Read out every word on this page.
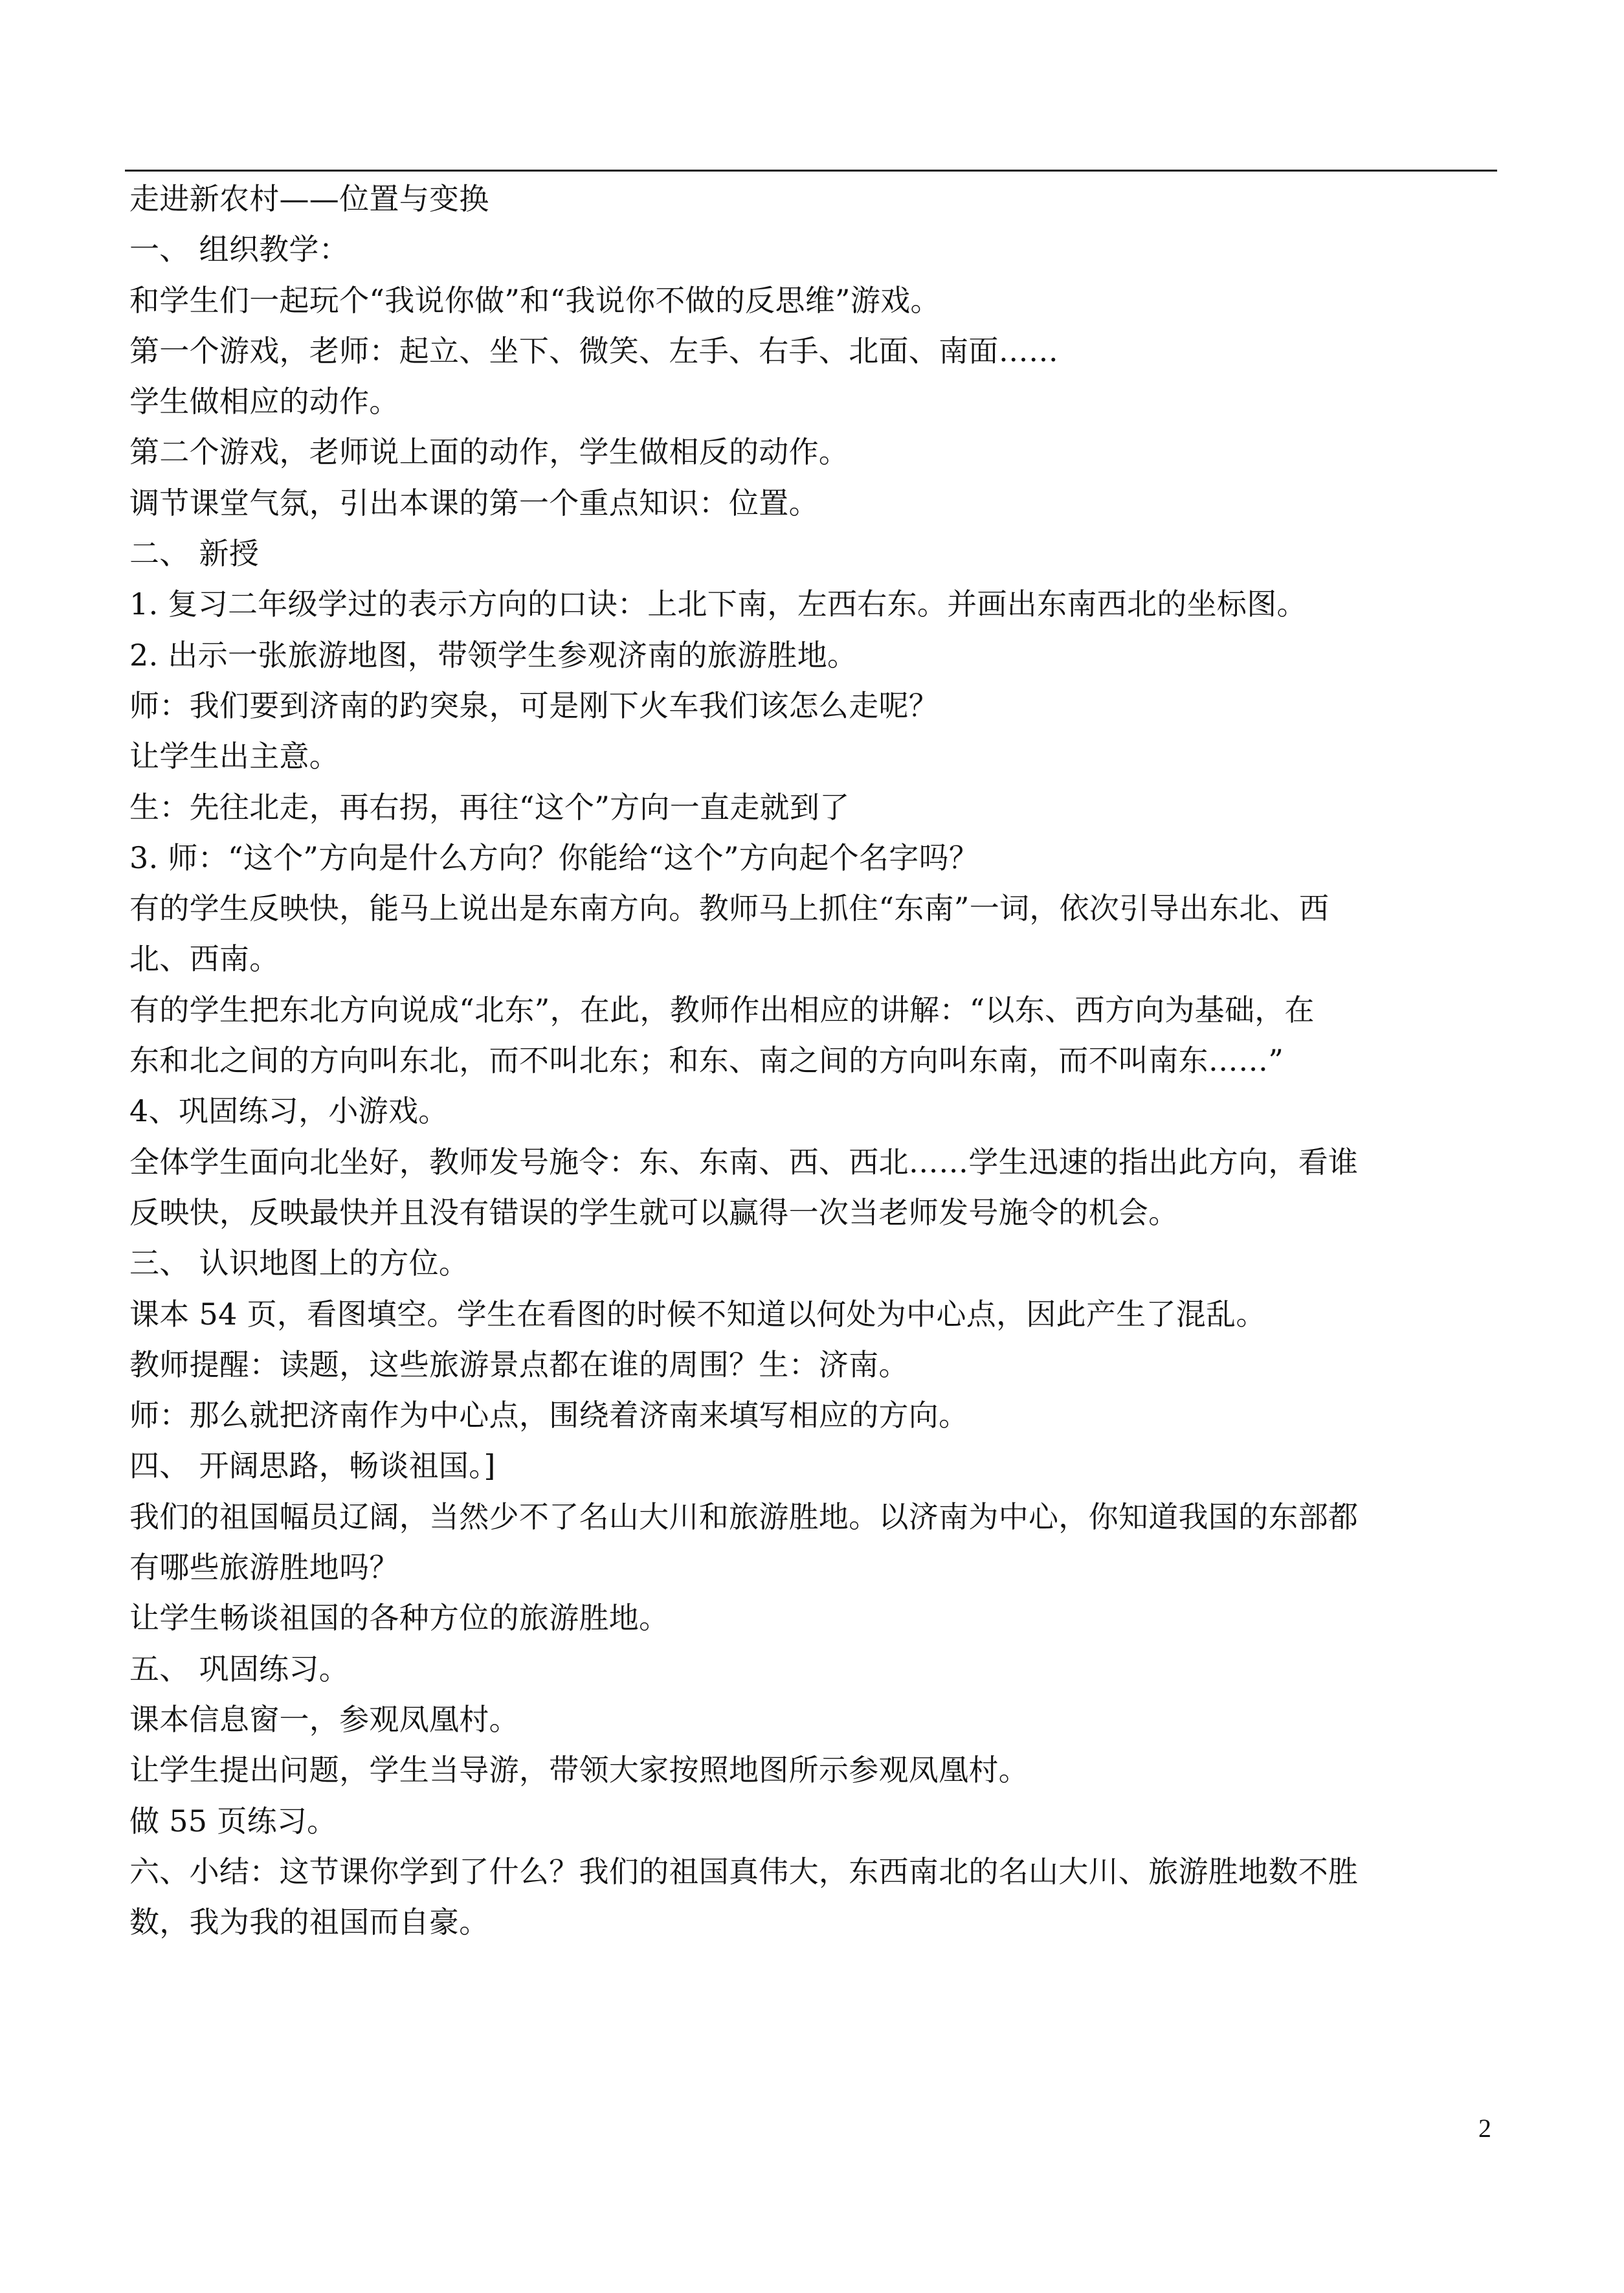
走进新农村——位置与变换

一、 组织教学：

和学生们一起玩个“我说你做”和“我说你不做的反思维”游戏。

第一个游戏，老师：起立、坐下、微笑、左手、右手、北面、南面……

学生做相应的动作。

第二个游戏，老师说上面的动作，学生做相反的动作。

调节课堂气氛，引出本课的第一个重点知识：位置。

二、 新授

1. 复习二年级学过的表示方向的口诀：上北下南，左西右东。并画出东南西北的坐标图。

2. 出示一张旅游地图，带领学生参观济南的旅游胜地。

师：我们要到济南的趵突泉，可是刚下火车我们该怎么走呢？

让学生出主意。

生：先往北走，再右拐，再往“这个”方向一直走就到了

3. 师：“这个”方向是什么方向？你能给“这个”方向起个名字吗？

有的学生反映快，能马上说出是东南方向。教师马上抓住“东南”一词，依次引导出东北、西

北、西南。

有的学生把东北方向说成“北东”，在此，教师作出相应的讲解：“以东、西方向为基础，在

东和北之间的方向叫东北，而不叫北东；和东、南之间的方向叫东南，而不叫南东……”

4、巩固练习，小游戏。

全体学生面向北坐好，教师发号施令：东、东南、西、西北……学生迅速的指出此方向，看谁

反映快，反映最快并且没有错误的学生就可以赢得一次当老师发号施令的机会。

三、 认识地图上的方位。

课本 54 页，看图填空。学生在看图的时候不知道以何处为中心点，因此产生了混乱。

教师提醒：读题，这些旅游景点都在谁的周围？生：济南。

师：那么就把济南作为中心点，围绕着济南来填写相应的方向。

四、 开阔思路，畅谈祖国。]

我们的祖国幅员辽阔，当然少不了名山大川和旅游胜地。以济南为中心，你知道我国的东部都

有哪些旅游胜地吗？

让学生畅谈祖国的各种方位的旅游胜地。

五、 巩固练习。

课本信息窗一，参观凤凰村。

让学生提出问题，学生当导游，带领大家按照地图所示参观凤凰村。

做 55 页练习。

六、小结：这节课你学到了什么？我们的祖国真伟大，东西南北的名山大川、旅游胜地数不胜

数，我为我的祖国而自豪。

2
